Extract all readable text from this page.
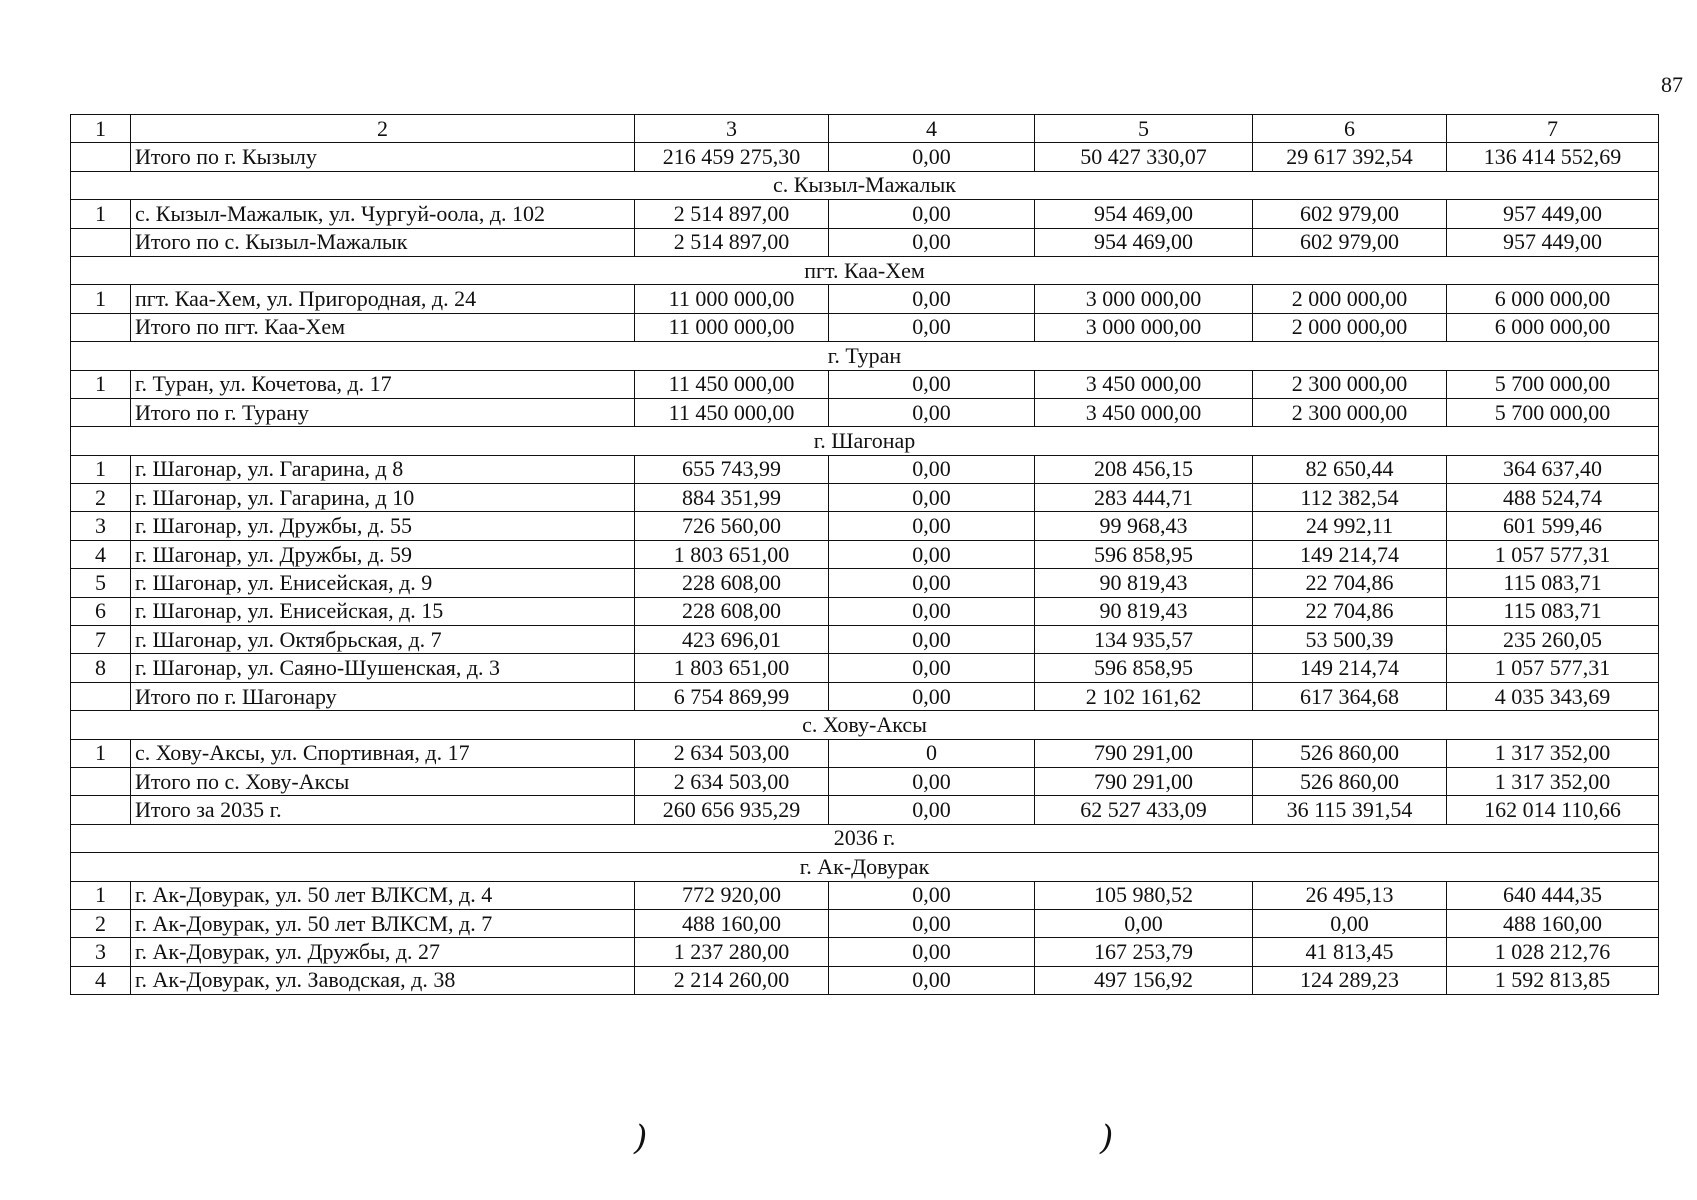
87
1	2	3	4	5	6	7
	Итого по г. Кызылу	216 459 275,30	0,00	50 427 330,07	29 617 392,54	136 414 552,69
с. Кызыл-Мажалык						
1	с. Кызыл-Мажалык, ул. Чургуй-оола, д. 102	2 514 897,00	0,00	954 469,00	602 979,00	957 449,00
	Итого по с. Кызыл-Мажалык	2 514 897,00	0,00	954 469,00	602 979,00	957 449,00
пгт. Каа-Хем						
1	пгт. Каа-Хем, ул. Пригородная, д. 24	11 000 000,00	0,00	3 000 000,00	2 000 000,00	6 000 000,00
	Итого по пгт. Каа-Хем	11 000 000,00	0,00	3 000 000,00	2 000 000,00	6 000 000,00
г. Туран						
1	г. Туран, ул. Кочетова, д. 17	11 450 000,00	0,00	3 450 000,00	2 300 000,00	5 700 000,00
	Итого по г. Турану	11 450 000,00	0,00	3 450 000,00	2 300 000,00	5 700 000,00
г. Шагонар						
1	г. Шагонар, ул. Гагарина, д 8	655 743,99	0,00	208 456,15	82 650,44	364 637,40
2	г. Шагонар, ул. Гагарина, д 10	884 351,99	0,00	283 444,71	112 382,54	488 524,74
3	г. Шагонар, ул. Дружбы, д. 55	726 560,00	0,00	99 968,43	24 992,11	601 599,46
4	г. Шагонар, ул. Дружбы, д. 59	1 803 651,00	0,00	596 858,95	149 214,74	1 057 577,31
5	г. Шагонар, ул. Енисейская, д. 9	228 608,00	0,00	90 819,43	22 704,86	115 083,71
6	г. Шагонар, ул. Енисейская, д. 15	228 608,00	0,00	90 819,43	22 704,86	115 083,71
7	г. Шагонар, ул. Октябрьская, д. 7	423 696,01	0,00	134 935,57	53 500,39	235 260,05
8	г. Шагонар, ул. Саяно-Шушенская, д. 3	1 803 651,00	0,00	596 858,95	149 214,74	1 057 577,31
	Итого по г. Шагонару	6 754 869,99	0,00	2 102 161,62	617 364,68	4 035 343,69
с. Хову-Аксы						
1	с. Хову-Аксы, ул. Спортивная, д. 17	2 634 503,00	0	790 291,00	526 860,00	1 317 352,00
	Итого по с. Хову-Аксы	2 634 503,00	0,00	790 291,00	526 860,00	1 317 352,00
	Итого за 2035 г.	260 656 935,29	0,00	62 527 433,09	36 115 391,54	162 014 110,66
2036 г.						
г. Ак-Довурак						
1	г. Ак-Довурак, ул. 50 лет ВЛКСМ, д. 4	772 920,00	0,00	105 980,52	26 495,13	640 444,35
2	г. Ак-Довурак, ул. 50 лет ВЛКСМ, д. 7	488 160,00	0,00	0,00	0,00	488 160,00
3	г. Ак-Довурак, ул. Дружбы, д. 27	1 237 280,00	0,00	167 253,79	41 813,45	1 028 212,76
4	г. Ак-Довурак, ул. Заводская, д. 38	2 214 260,00	0,00	497 156,92	124 289,23	1 592 813,85
)	)
